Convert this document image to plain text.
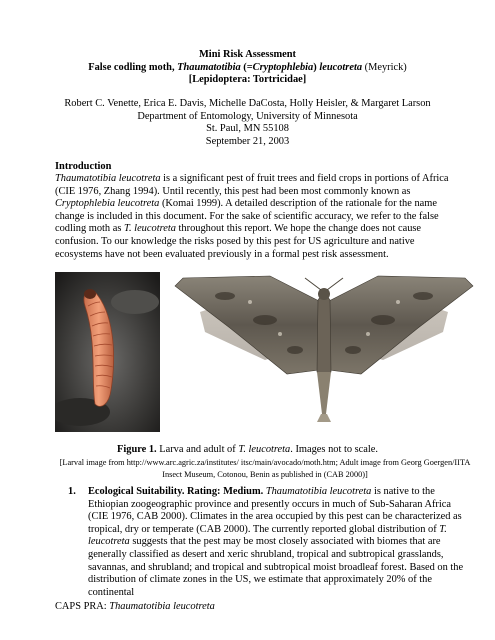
Mini Risk Assessment
False codling moth, Thaumatotibia (=Cryptophlebia) leucotreta (Meyrick)
[Lepidoptera: Tortricidae]
Robert C. Venette, Erica E. Davis, Michelle DaCosta, Holly Heisler, & Margaret Larson
Department of Entomology, University of Minnesota
St. Paul, MN 55108
September 21, 2003
Introduction
Thaumatotibia leucotreta is a significant pest of fruit trees and field crops in portions of Africa (CIE 1976, Zhang 1994). Until recently, this pest had been most commonly known as Cryptophlebia leucotreta (Komai 1999). A detailed description of the rationale for the name change is included in this document. For the sake of scientific accuracy, we refer to the false codling moth as T. leucotreta throughout this report. We hope the change does not cause confusion. To our knowledge the risks posed by this pest for US agriculture and native ecosystems have not been evaluated previously in a formal pest risk assessment.
Figure 1. Larva and adult of T. leucotreta. Images not to scale.
[Larval image from http://www.arc.agric.za/institutes/ itsc/main/avocado/moth.htm; Adult image from Georg Goergen/IITA Insect Museum, Cotonou, Benin as published in (CAB 2000)]
1. Ecological Suitability. Rating: Medium. Thaumatotibia leucotreta is native to the Ethiopian zoogeographic province and presently occurs in much of Sub-Saharan Africa (CIE 1976, CAB 2000). Climates in the area occupied by this pest can be characterized as tropical, dry or temperate (CAB 2000). The currently reported global distribution of T. leucotreta suggests that the pest may be most closely associated with biomes that are generally classified as desert and xeric shrubland, tropical and subtropical grasslands, savannas, and shrubland; and tropical and subtropical moist broadleaf forest. Based on the distribution of climate zones in the US, we estimate that approximately 20% of the continental
CAPS PRA: Thaumatotibia leucotreta
